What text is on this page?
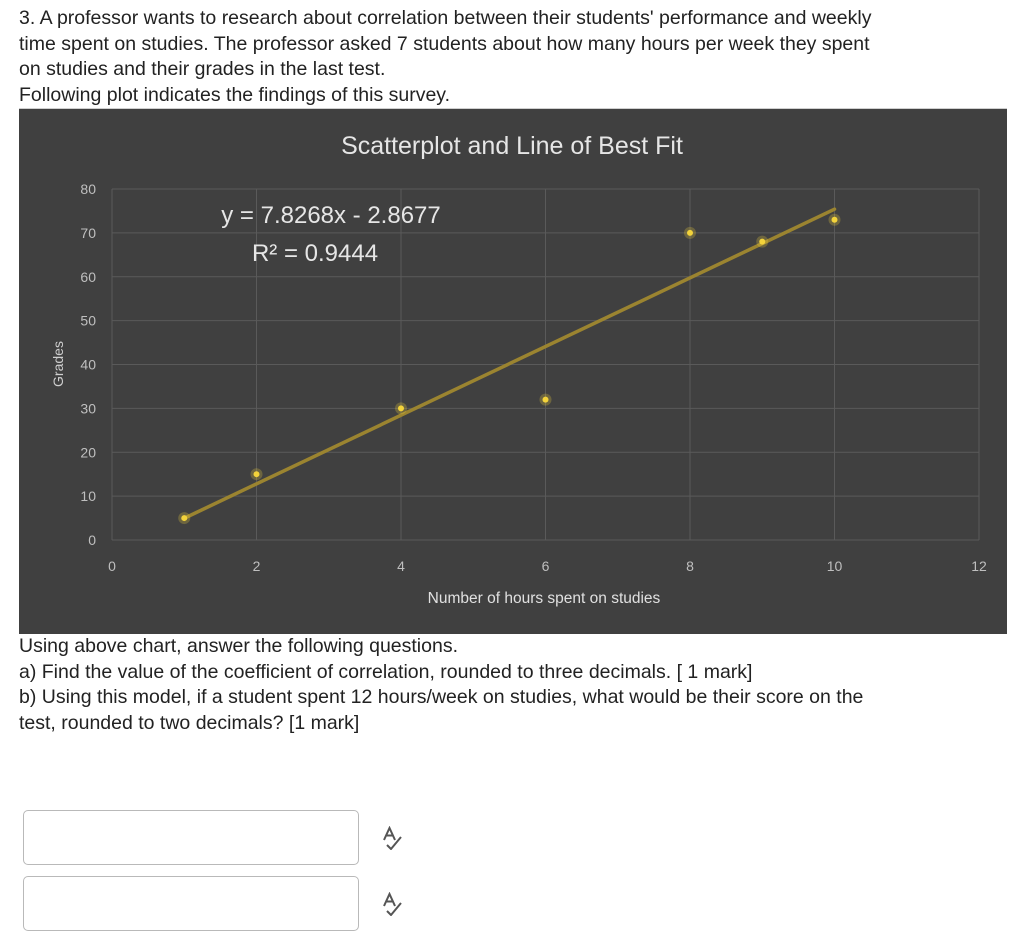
3. A professor wants to research about correlation between their students' performance and weekly
time spent on studies. The professor asked 7 students about how many hours per week they spent
on studies and their grades in the last test.
Following plot indicates the findings of this survey.
0
10
20
30
40
50
60
70
80
0	2	4	6	8	10	12
Scatterplot and Line of Best Fit
y = 7.8268x - 2.8677
R² = 0.9444
Number of hours spent on studies
Grades
Using above chart, answer the following questions.
a) Find the value of the coefficient of correlation, rounded to three decimals. [ 1 mark]
b) Using this model, if a student spent 12 hours/week on studies, what would be their score on the
test, rounded to two decimals? [1 mark]
